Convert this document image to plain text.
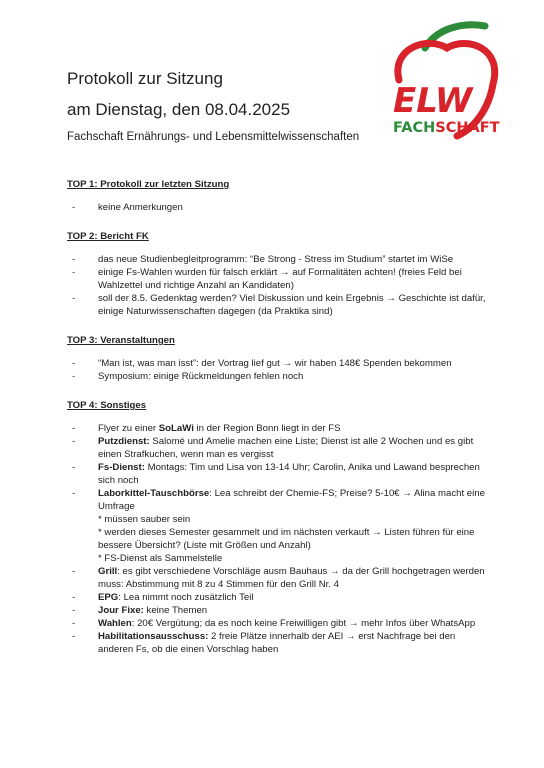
Protokoll zur Sitzung
am Dienstag, den 08.04.2025
Fachschaft Ernährungs- und Lebensmittelwissenschaften
ELW
FACHSCHAFT
TOP 1: Protokoll zur letzten Sitzung
- keine Anmerkungen
TOP 2: Bericht FK
- das neue Studienbegleitprogramm: “Be Strong - Stress im Studium” startet im WiSe
- einige Fs-Wahlen wurden für falsch erklärt → auf Formalitäten achten! (freies Feld bei Wahlzettel und richtige Anzahl an Kandidaten)
- soll der 8.5. Gedenktag werden? Viel Diskussion und kein Ergebnis → Geschichte ist dafür, einige Naturwissenschaften dagegen (da Praktika sind)
TOP 3: Veranstaltungen
- “Man ist, was man isst”: der Vortrag lief gut → wir haben 148€ Spenden bekommen
- Symposium: einige Rückmeldungen fehlen noch
TOP 4: Sonstiges
- Flyer zu einer SoLaWi in der Region Bonn liegt in der FS
- Putzdienst: Salomé und Amelie machen eine Liste; Dienst ist alle 2 Wochen und es gibt einen Strafkuchen, wenn man es vergisst
- Fs-Dienst: Montags: Tim und Lisa von 13-14 Uhr; Carolin, Anika und Lawand besprechen sich noch
- Laborkittel-Tauschbörse: Lea schreibt der Chemie-FS; Preise? 5-10€ → Alina macht eine Umfrage
* müssen sauber sein
* werden dieses Semester gesammelt und im nächsten verkauft → Listen führen für eine bessere Übersicht? (Liste mit Größen und Anzahl)
* FS-Dienst als Sammelstelle
- Grill: es gibt verschiedene Vorschläge ausm Bauhaus → da der Grill hochgetragen werden muss: Abstimmung mit 8 zu 4 Stimmen für den Grill Nr. 4
- EPG: Lea nimmt noch zusätzlich Teil
- Jour Fixe: keine Themen
- Wahlen: 20€ Vergütung; da es noch keine Freiwilligen gibt → mehr Infos über WhatsApp
- Habilitationsausschuss: 2 freie Plätze innerhalb der AEI → erst Nachfrage bei den anderen Fs, ob die einen Vorschlag haben
